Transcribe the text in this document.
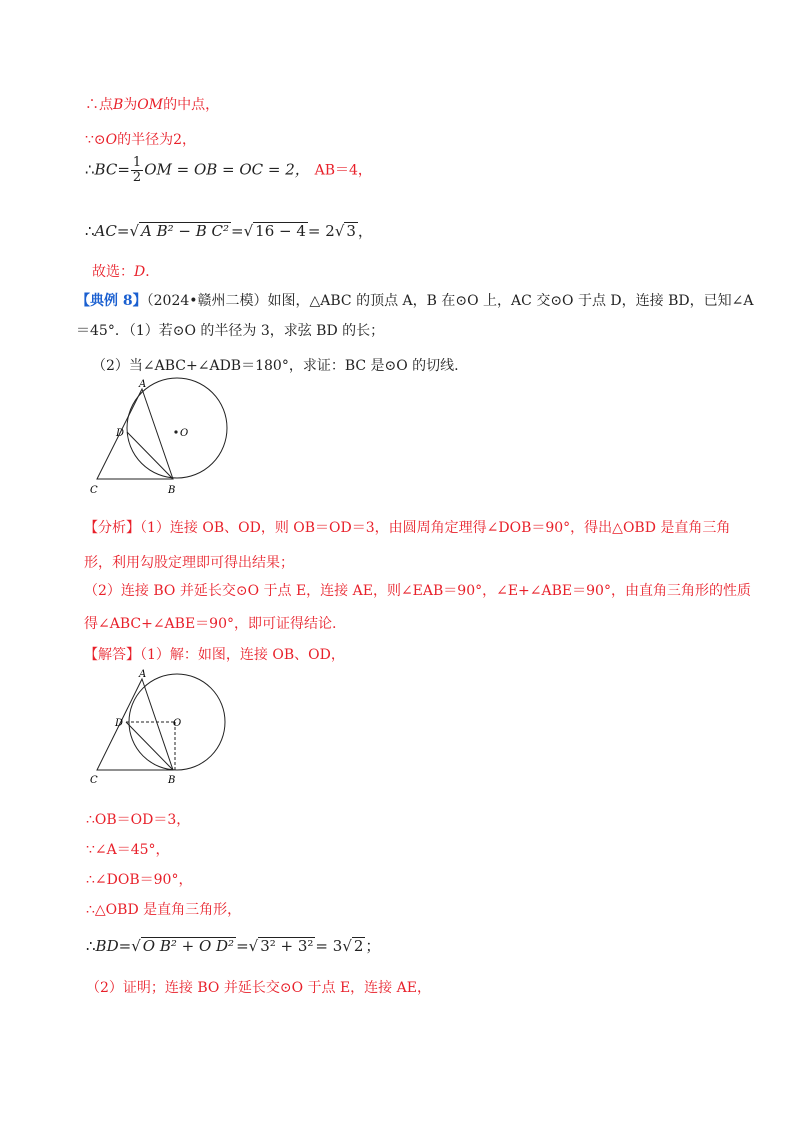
∴点B为OM的中点，
∵⊙O的半径为2，
∴BC= $\frac{1}{2}$ OM = OB = OC = 2， AB＝4，
∴AC=√ A B² − B C² =√ 16 − 4 = 2√ 3 ，
故选：D．
【典例 8】（2024•赣州二模）如图，△ABC 的顶点 A，B 在⊙O 上，AC 交⊙O 于点 D，连接 BD，已知∠A
＝45°．（1）若⊙O 的半径为 3，求弦 BD 的长；
（2）当∠ABC+∠ADB＝180°，求证：BC 是⊙O 的切线.
A
D	O
C	B
【分析】（1）连接 OB、OD，则 OB＝OD＝3，由圆周角定理得∠DOB＝90°，得出△OBD 是直角三角
形，利用勾股定理即可得出结果；
（2）连接 BO 并延长交⊙O 于点 E，连接 AE，则∠EAB＝90°，∠E+∠ABE＝90°，由直角三角形的性质
得∠ABC+∠ABE＝90°，即可证得结论.
【解答】（1）解：如图，连接 OB、OD，
A
D	O
C	B
∴OB＝OD＝3，
∵∠A＝45°，
∴∠DOB＝90°，
∴△OBD 是直角三角形，
∴BD=√ O B² + O D² =√ 3² + 3² = 3√ 2 ；
（2）证明；连接 BO 并延长交⊙O 于点 E，连接 AE，
